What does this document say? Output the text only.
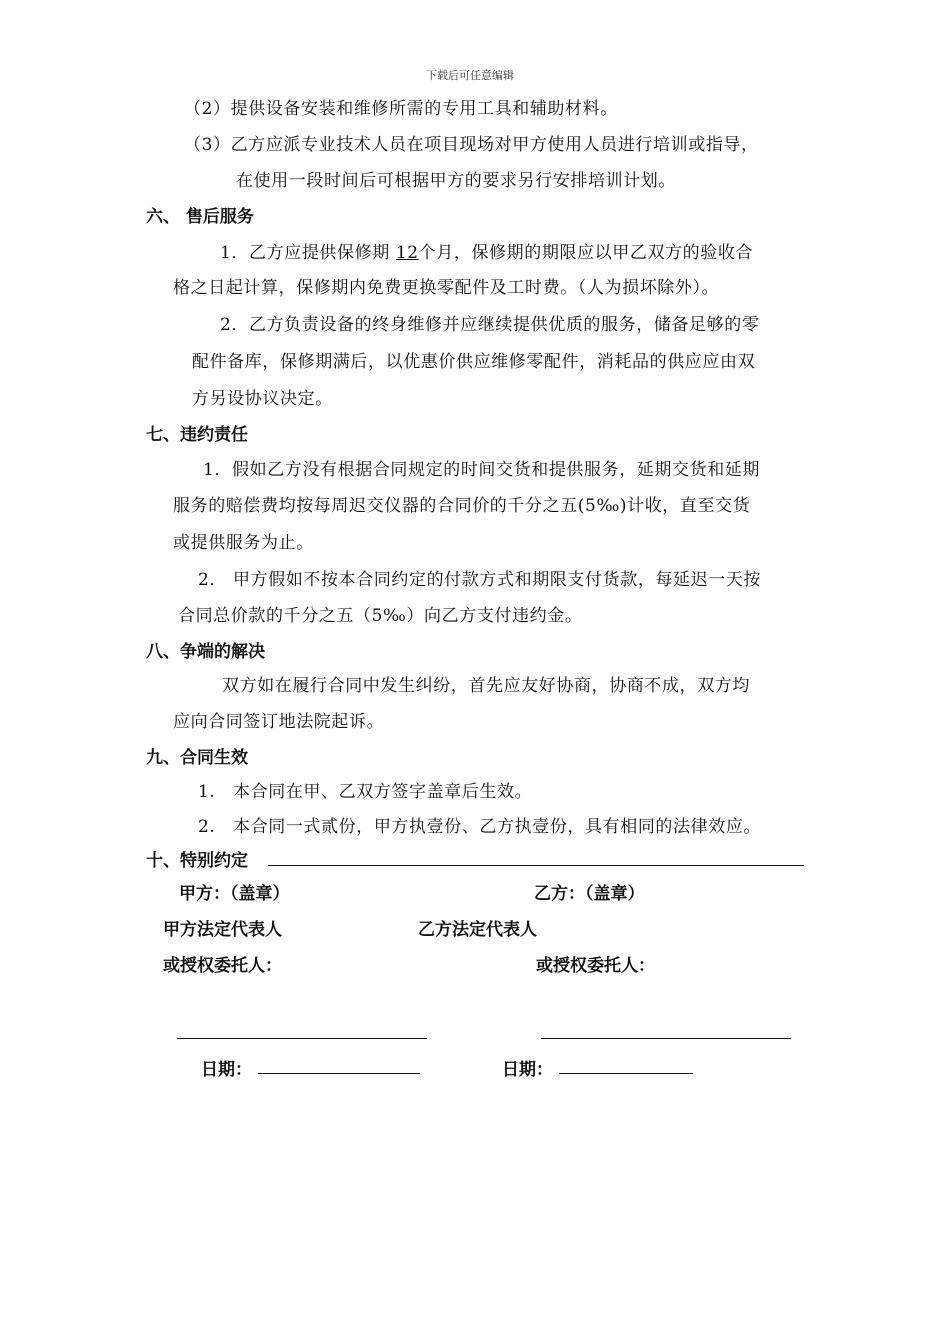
下载后可任意编辑
（2）提供设备安装和维修所需的专用工具和辅助材料。
（3）乙方应派专业技术人员在项目现场对甲方使用人员进行培训或指导，
在使用一段时间后可根据甲方的要求另行安排培训计划。
六、 售后服务
1．乙方应提供保修期 12个月，保修期的期限应以甲乙双方的验收合
格之日起计算，保修期内免费更换零配件及工时费。（人为损坏除外）。
2．乙方负责设备的终身维修并应继续提供优质的服务，储备足够的零
配件备库，保修期满后，以优惠价供应维修零配件，消耗品的供应应由双
方另设协议决定。
七、违约责任
1．假如乙方没有根据合同规定的时间交货和提供服务，延期交货和延期
服务的赔偿费均按每周迟交仪器的合同价的千分之五(5‰)计收，直至交货
或提供服务为止。
2． 甲方假如不按本合同约定的付款方式和期限支付货款，每延迟一天按
合同总价款的千分之五（5‰）向乙方支付违约金。
八、争端的解决
双方如在履行合同中发生纠纷，首先应友好协商，协商不成，双方均
应向合同签订地法院起诉。
九、合同生效
1.　本合同在甲、乙双方签字盖章后生效。
2.　本合同一式贰份，甲方执壹份、乙方执壹份，具有相同的法律效应。
十、特别约定
甲方：（盖章）	乙方：（盖章）
甲方法定代表人	乙方法定代表人
或授权委托人：	或授权委托人：
日期：	日期：
